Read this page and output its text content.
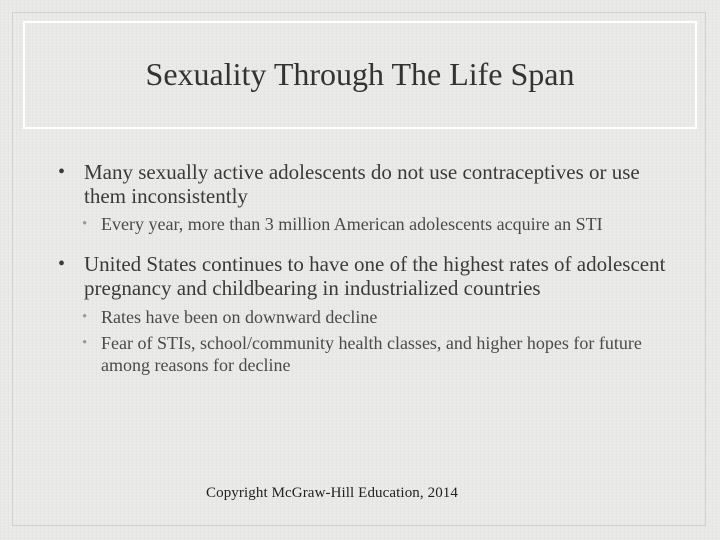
Sexuality Through The Life Span
• Many sexually active adolescents do not use contraceptives or use them inconsistently
• Every year, more than 3 million American adolescents acquire an STI
• United States continues to have one of the highest rates of adolescent pregnancy and childbearing in industrialized countries
• Rates have been on downward decline
• Fear of STIs, school/community health classes, and higher hopes for future among reasons for decline
Copyright McGraw-Hill Education, 2014
